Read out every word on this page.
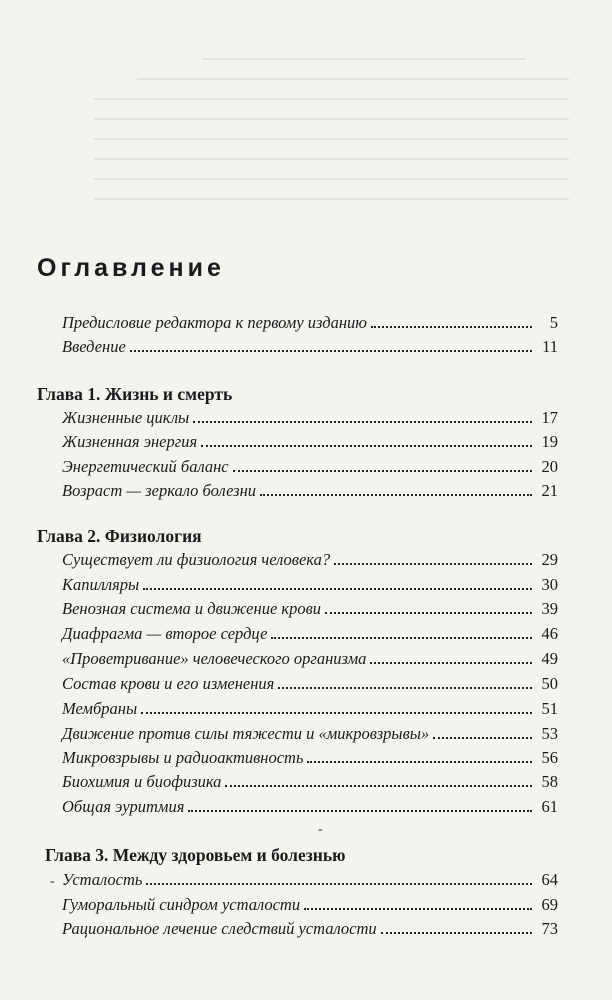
Оглавление
Предисловие редактора к первому изданию	5
Введение	11
Глава 1. Жизнь и смерть
Жизненные циклы	17
Жизненная энергия	19
Энергетический баланс	20
Возраст — зеркало болезни	21
Глава 2. Физиология
Существует ли физиология человека?	29
Капилляры	30
Венозная система и движение крови	39
Диафрагма — второе сердце	46
«Проветривание» человеческого организма	49
Состав крови и его изменения	50
Мембраны	51
Движение против силы тяжести и «микровзрывы»	53
Микровзрывы и радиоактивность	56
Биохимия и биофизика	58
Общая эуритмия	61
‐
Глава 3. Между здоровьем и болезнью
- Усталость	64
Гуморальный синдром усталости	69
Рациональное лечение следствий усталости	73
